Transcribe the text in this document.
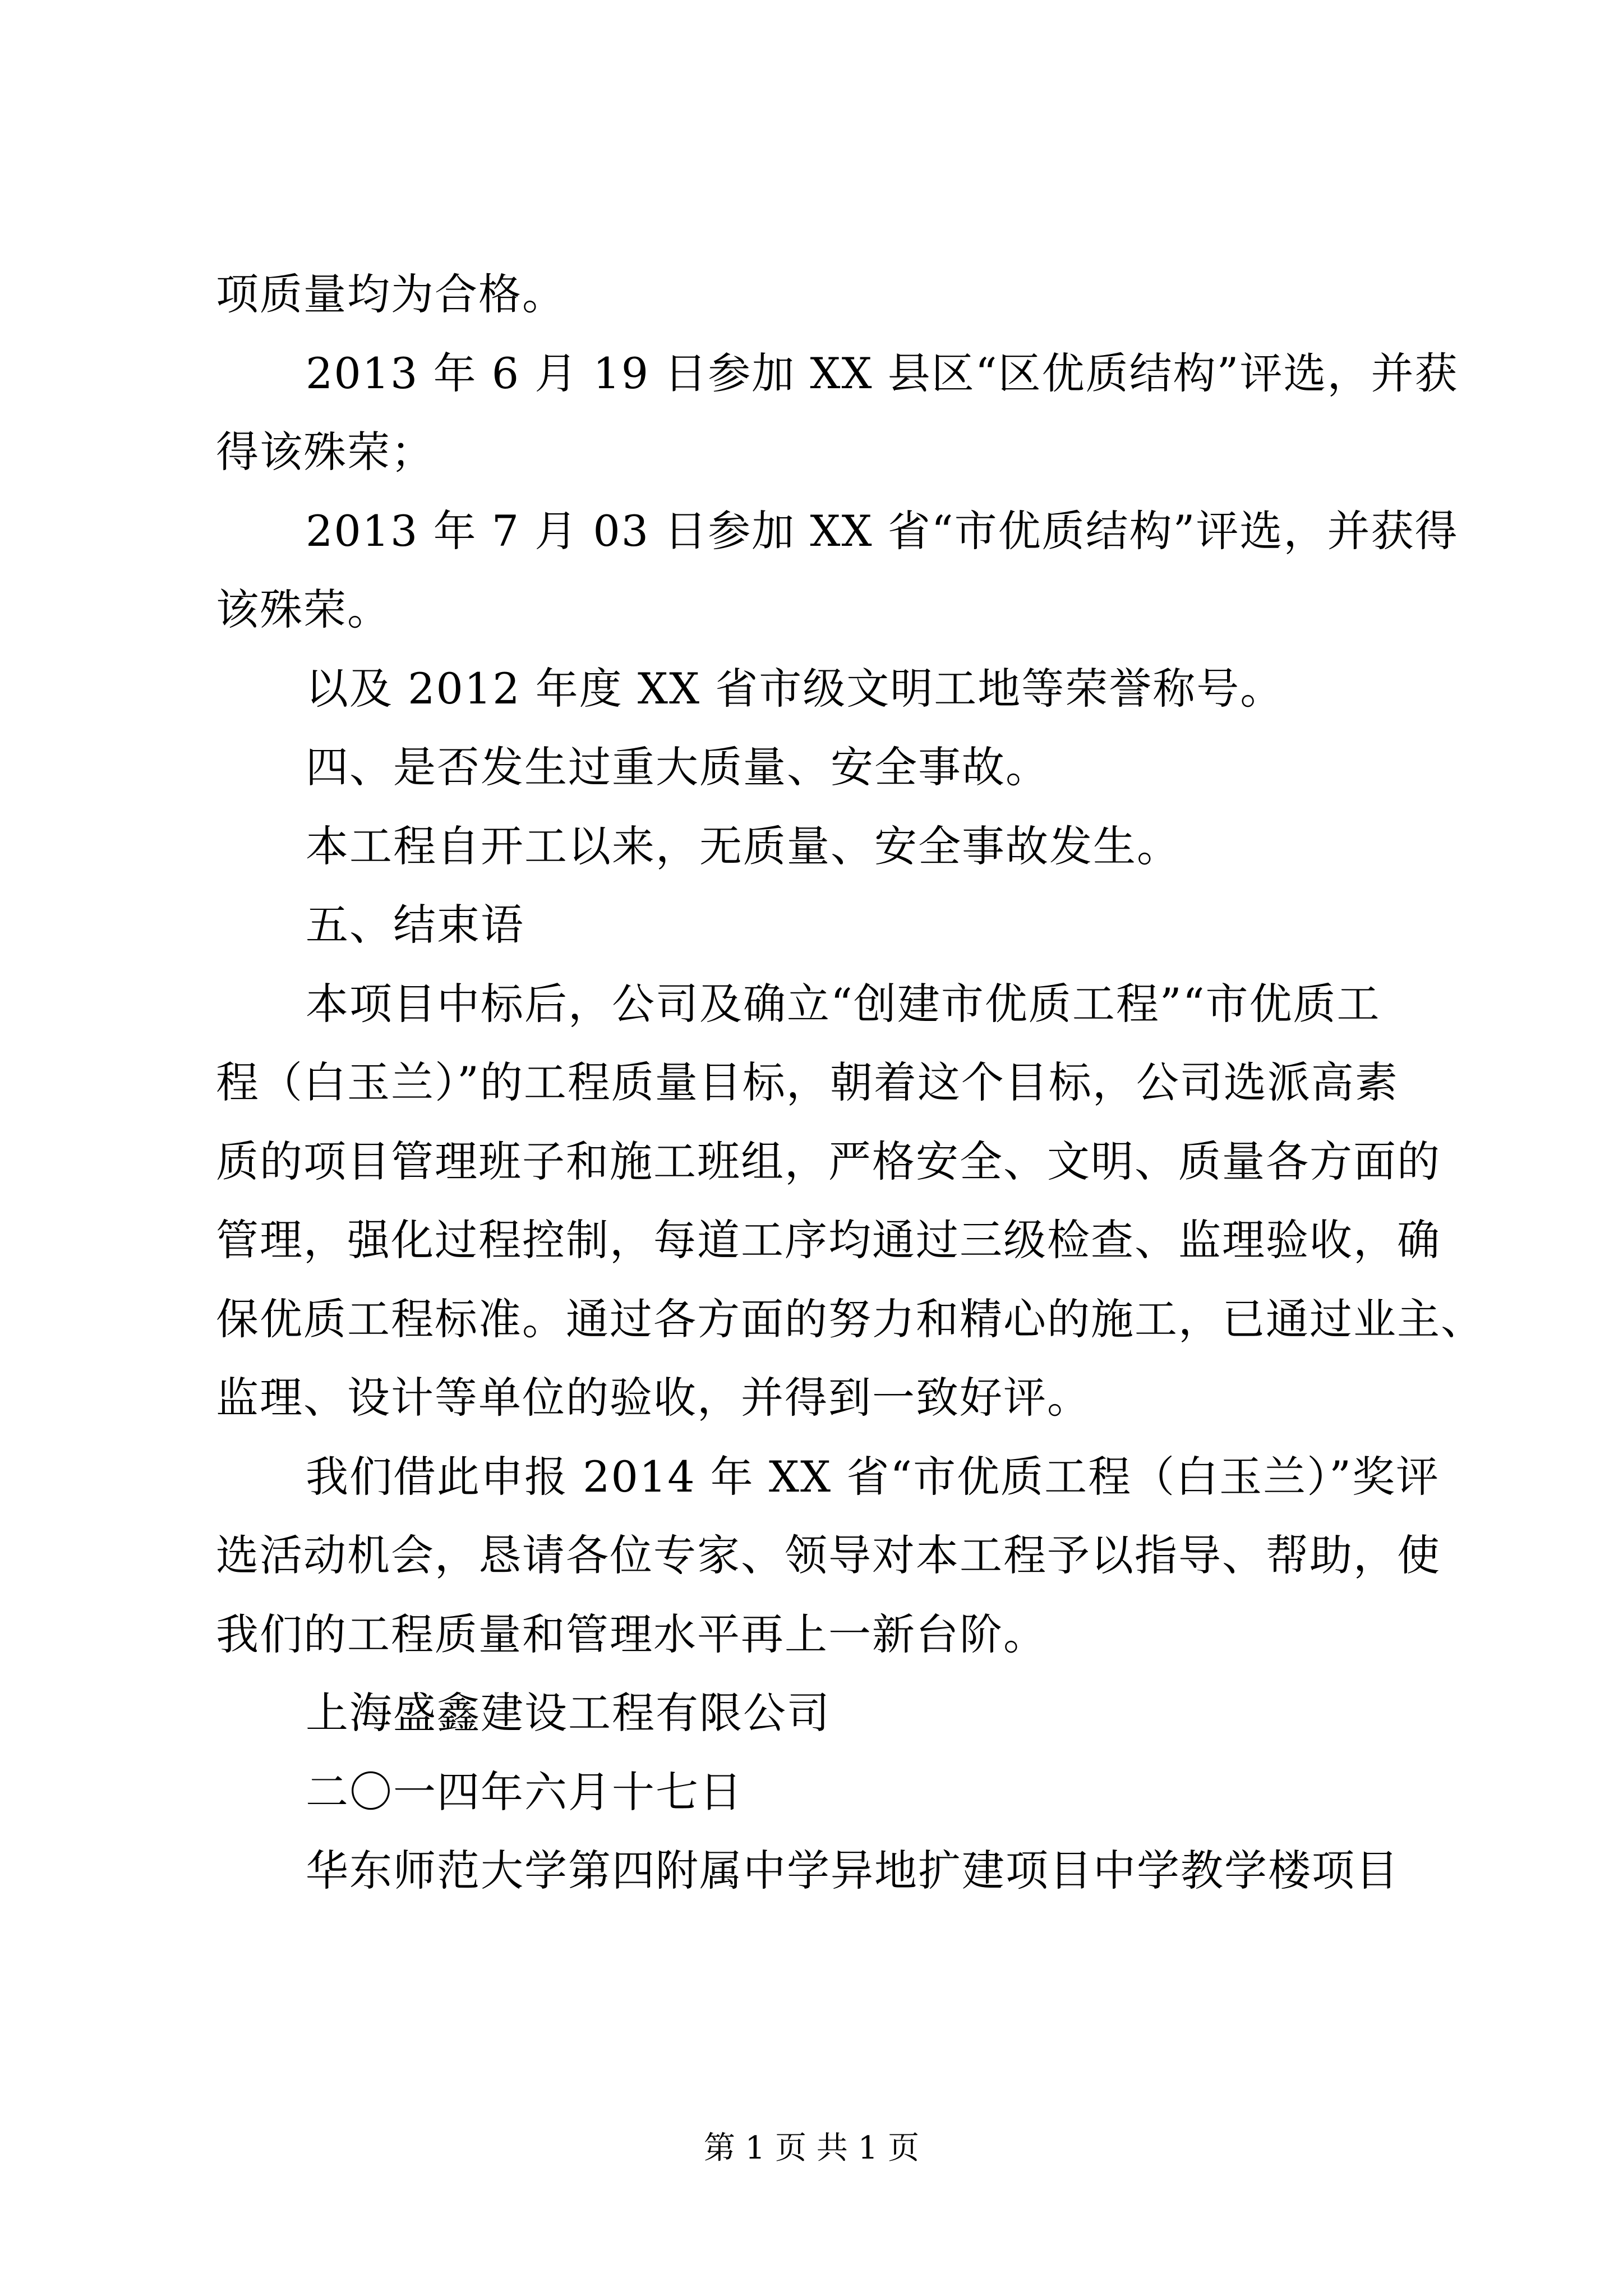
项质量均为合格。
2013 年 6 月 19 日参加 XX 县区“区优质结构”评选，并获
得该殊荣；
2013 年 7 月 03 日参加 XX 省“市优质结构”评选，并获得
该殊荣。
以及 2012 年度 XX 省市级文明工地等荣誉称号。
四、是否发生过重大质量、安全事故。
本工程自开工以来，无质量、安全事故发生。
五、结束语
本项目中标后，公司及确立“创建市优质工程”“市优质工
程（白玉兰）”的工程质量目标，朝着这个目标，公司选派高素
质的项目管理班子和施工班组，严格安全、文明、质量各方面的
管理，强化过程控制，每道工序均通过三级检查、监理验收，确
保优质工程标准。通过各方面的努力和精心的施工，已通过业主、
监理、设计等单位的验收，并得到一致好评。
我们借此申报 2014 年 XX 省“市优质工程（白玉兰）”奖评
选活动机会，恳请各位专家、领导对本工程予以指导、帮助，使
我们的工程质量和管理水平再上一新台阶。
上海盛鑫建设工程有限公司
二〇一四年六月十七日
华东师范大学第四附属中学异地扩建项目中学教学楼项目
第 1 页 共 1 页
